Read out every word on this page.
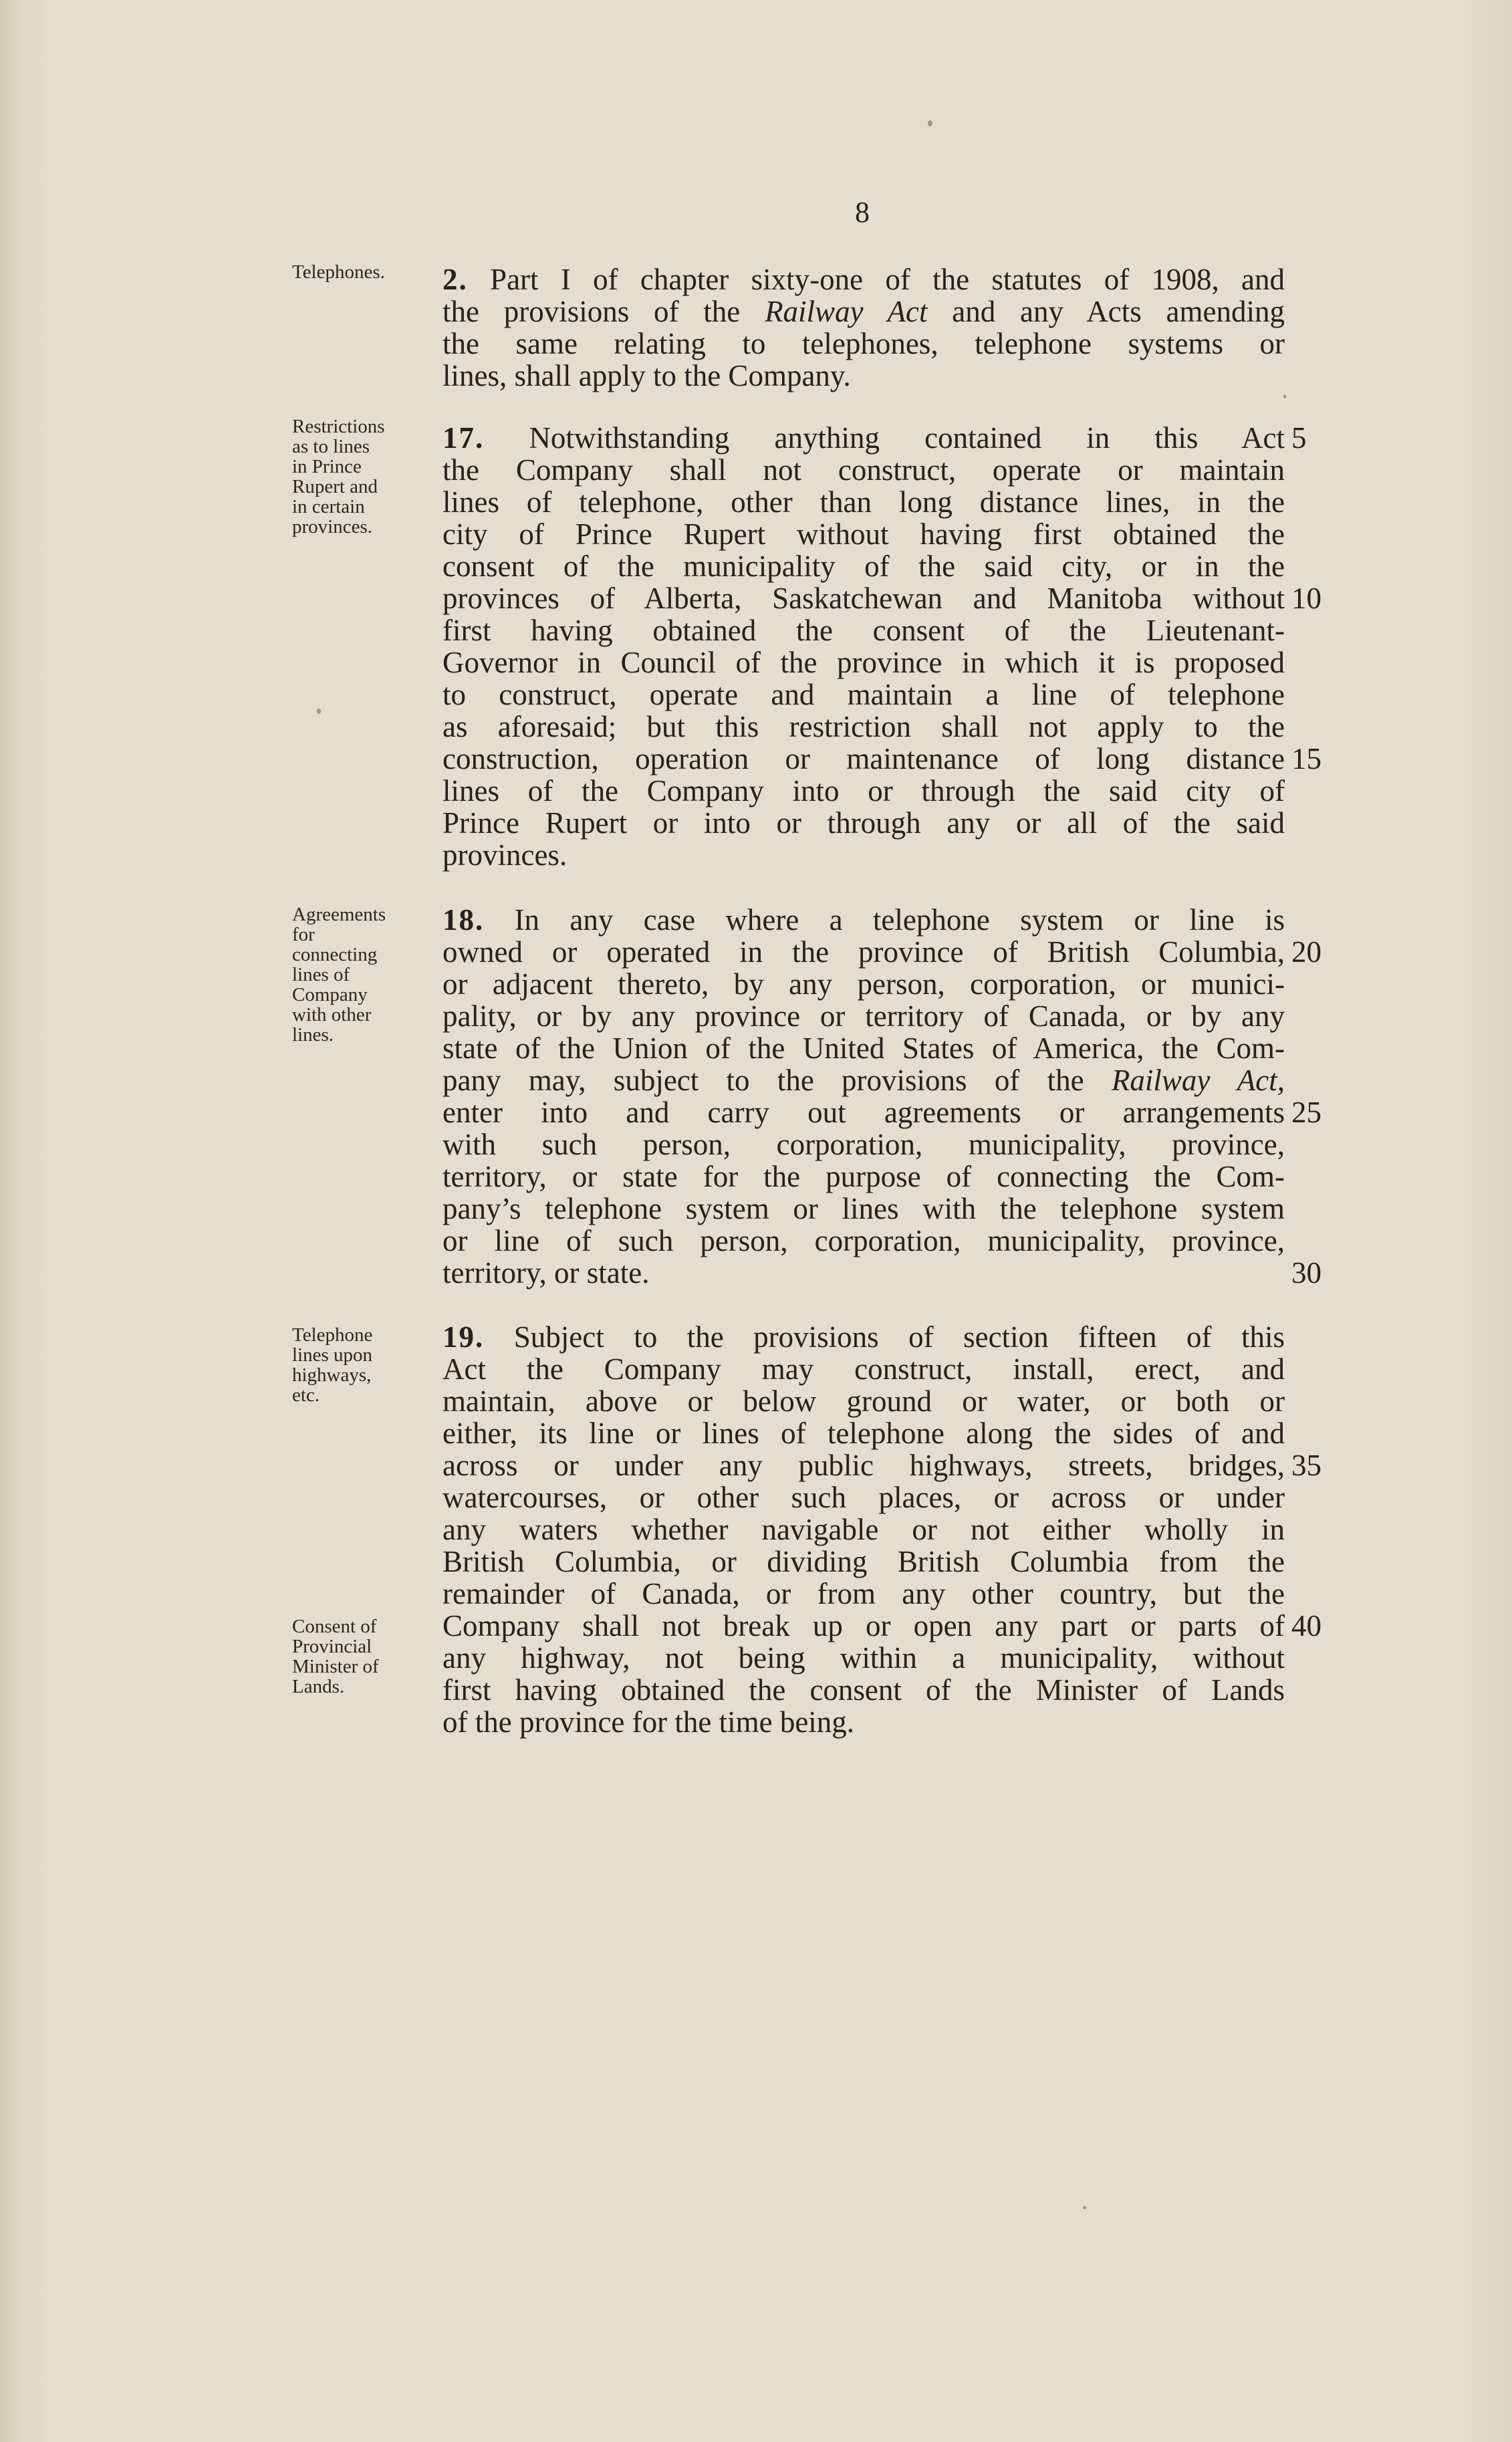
8
Telephones.
Restrictions
as to lines
in Prince
Rupert and
in certain
provinces.
Agreements
for
connecting
lines of
Company
with other
lines.
Telephone
lines upon
highways,
etc.
Consent of
Provincial
Minister of
Lands.
2. Part I of chapter sixty-one of the statutes of 1908, and
the provisions of the Railway Act and any Acts amending
the same relating to telephones, telephone systems or
lines, shall apply to the Company.
17. Notwithstanding anything contained in this Act 5
the Company shall not construct, operate or maintain
lines of telephone, other than long distance lines, in the
city of Prince Rupert without having first obtained the
consent of the municipality of the said city, or in the
provinces of Alberta, Saskatchewan and Manitoba without 10
first having obtained the consent of the Lieutenant-
Governor in Council of the province in which it is proposed
to construct, operate and maintain a line of telephone
as aforesaid; but this restriction shall not apply to the
construction, operation or maintenance of long distance 15
lines of the Company into or through the said city of
Prince Rupert or into or through any or all of the said
provinces.
18. In any case where a telephone system or line is
owned or operated in the province of British Columbia, 20
or adjacent thereto, by any person, corporation, or munici-
pality, or by any province or territory of Canada, or by any
state of the Union of the United States of America, the Com-
pany may, subject to the provisions of the Railway Act,
enter into and carry out agreements or arrangements 25
with such person, corporation, municipality, province,
territory, or state for the purpose of connecting the Com-
pany’s telephone system or lines with the telephone system
or line of such person, corporation, municipality, province,
territory, or state.	30
19. Subject to the provisions of section fifteen of this
Act the Company may construct, install, erect, and
maintain, above or below ground or water, or both or
either, its line or lines of telephone along the sides of and
across or under any public highways, streets, bridges, 35
watercourses, or other such places, or across or under
any waters whether navigable or not either wholly in
British Columbia, or dividing British Columbia from the
remainder of Canada, or from any other country, but the
Company shall not break up or open any part or parts of 40
any highway, not being within a municipality, without
first having obtained the consent of the Minister of Lands
of the province for the time being.
